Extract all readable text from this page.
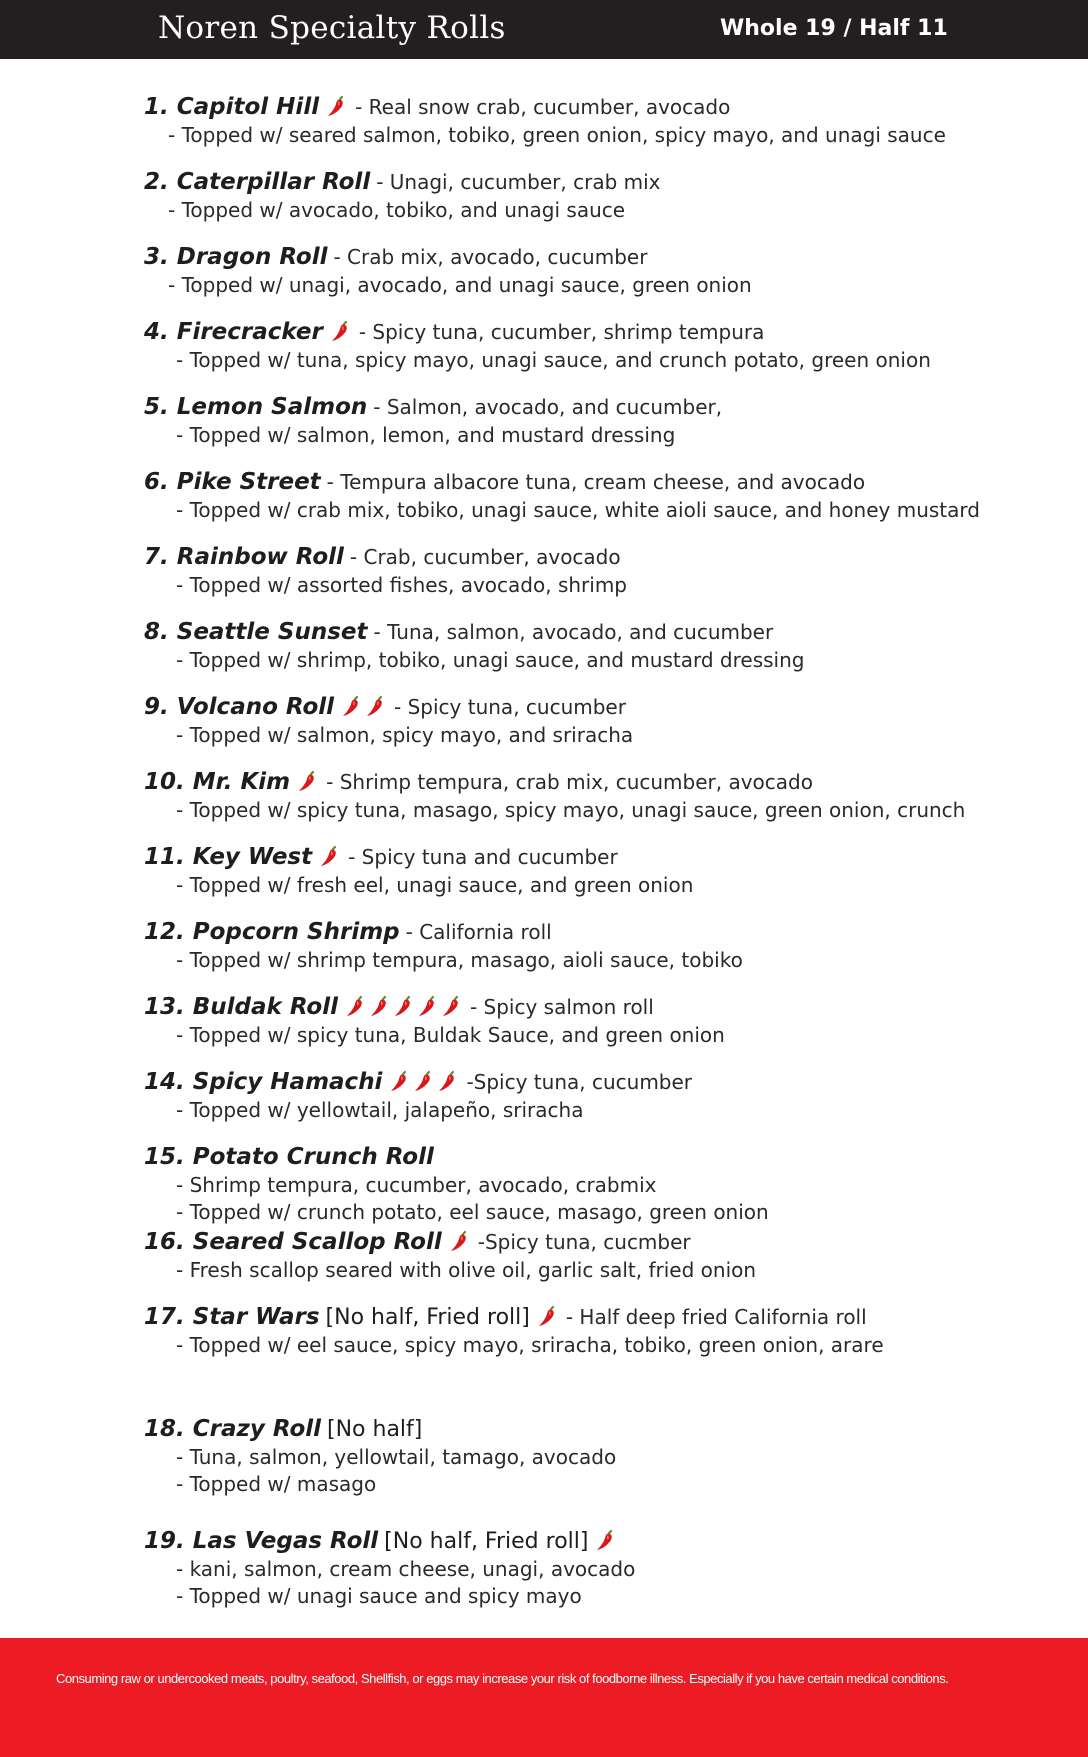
Noren Specialty Rolls	Whole 19 / Half 11
1. Capitol Hill - Real snow crab, cucumber, avocado
- Topped w/ seared salmon, tobiko, green onion, spicy mayo, and unagi sauce
2. Caterpillar Roll - Unagi, cucumber, crab mix
- Topped w/ avocado, tobiko, and unagi sauce
3. Dragon Roll - Crab mix, avocado, cucumber
- Topped w/ unagi, avocado, and unagi sauce, green onion
4. Firecracker - Spicy tuna, cucumber, shrimp tempura
- Topped w/ tuna, spicy mayo, unagi sauce, and crunch potato, green onion
5. Lemon Salmon - Salmon, avocado, and cucumber,
- Topped w/ salmon, lemon, and mustard dressing
6. Pike Street - Tempura albacore tuna, cream cheese, and avocado
- Topped w/ crab mix, tobiko, unagi sauce, white aioli sauce, and honey mustard
7. Rainbow Roll - Crab, cucumber, avocado
- Topped w/ assorted fishes, avocado, shrimp
8. Seattle Sunset - Tuna, salmon, avocado, and cucumber
- Topped w/ shrimp, tobiko, unagi sauce, and mustard dressing
9. Volcano Roll	- Spicy tuna, cucumber
- Topped w/ salmon, spicy mayo, and sriracha
10. Mr. Kim - Shrimp tempura, crab mix, cucumber, avocado
- Topped w/ spicy tuna, masago, spicy mayo, unagi sauce, green onion, crunch
11. Key West - Spicy tuna and cucumber
- Topped w/ fresh eel, unagi sauce, and green onion
12. Popcorn Shrimp - California roll
- Topped w/ shrimp tempura, masago, aioli sauce, tobiko
13. Buldak Roll	- Spicy salmon roll
- Topped w/ spicy tuna, Buldak Sauce, and green onion
14. Spicy Hamachi	-Spicy tuna, cucumber
- Topped w/ yellowtail, jalapeño, sriracha
15. Potato Crunch Roll
- Shrimp tempura, cucumber, avocado, crabmix
- Topped w/ crunch potato, eel sauce, masago, green onion
16. Seared Scallop Roll -Spicy tuna, cucmber
- Fresh scallop seared with olive oil, garlic salt, fried onion
17. Star Wars [No half, Fried roll] - Half deep fried California roll
- Topped w/ eel sauce, spicy mayo, sriracha, tobiko, green onion, arare
18. Crazy Roll [No half]
- Tuna, salmon, yellowtail, tamago, avocado
- Topped w/ masago
19. Las Vegas Roll [No half, Fried roll]
- kani, salmon, cream cheese, unagi, avocado
- Topped w/ unagi sauce and spicy mayo
Consuming raw or undercooked meats, poultry, seafood, Shellfish, or eggs may increase your risk of foodborne illness. Especially if you have certain medical conditions.
